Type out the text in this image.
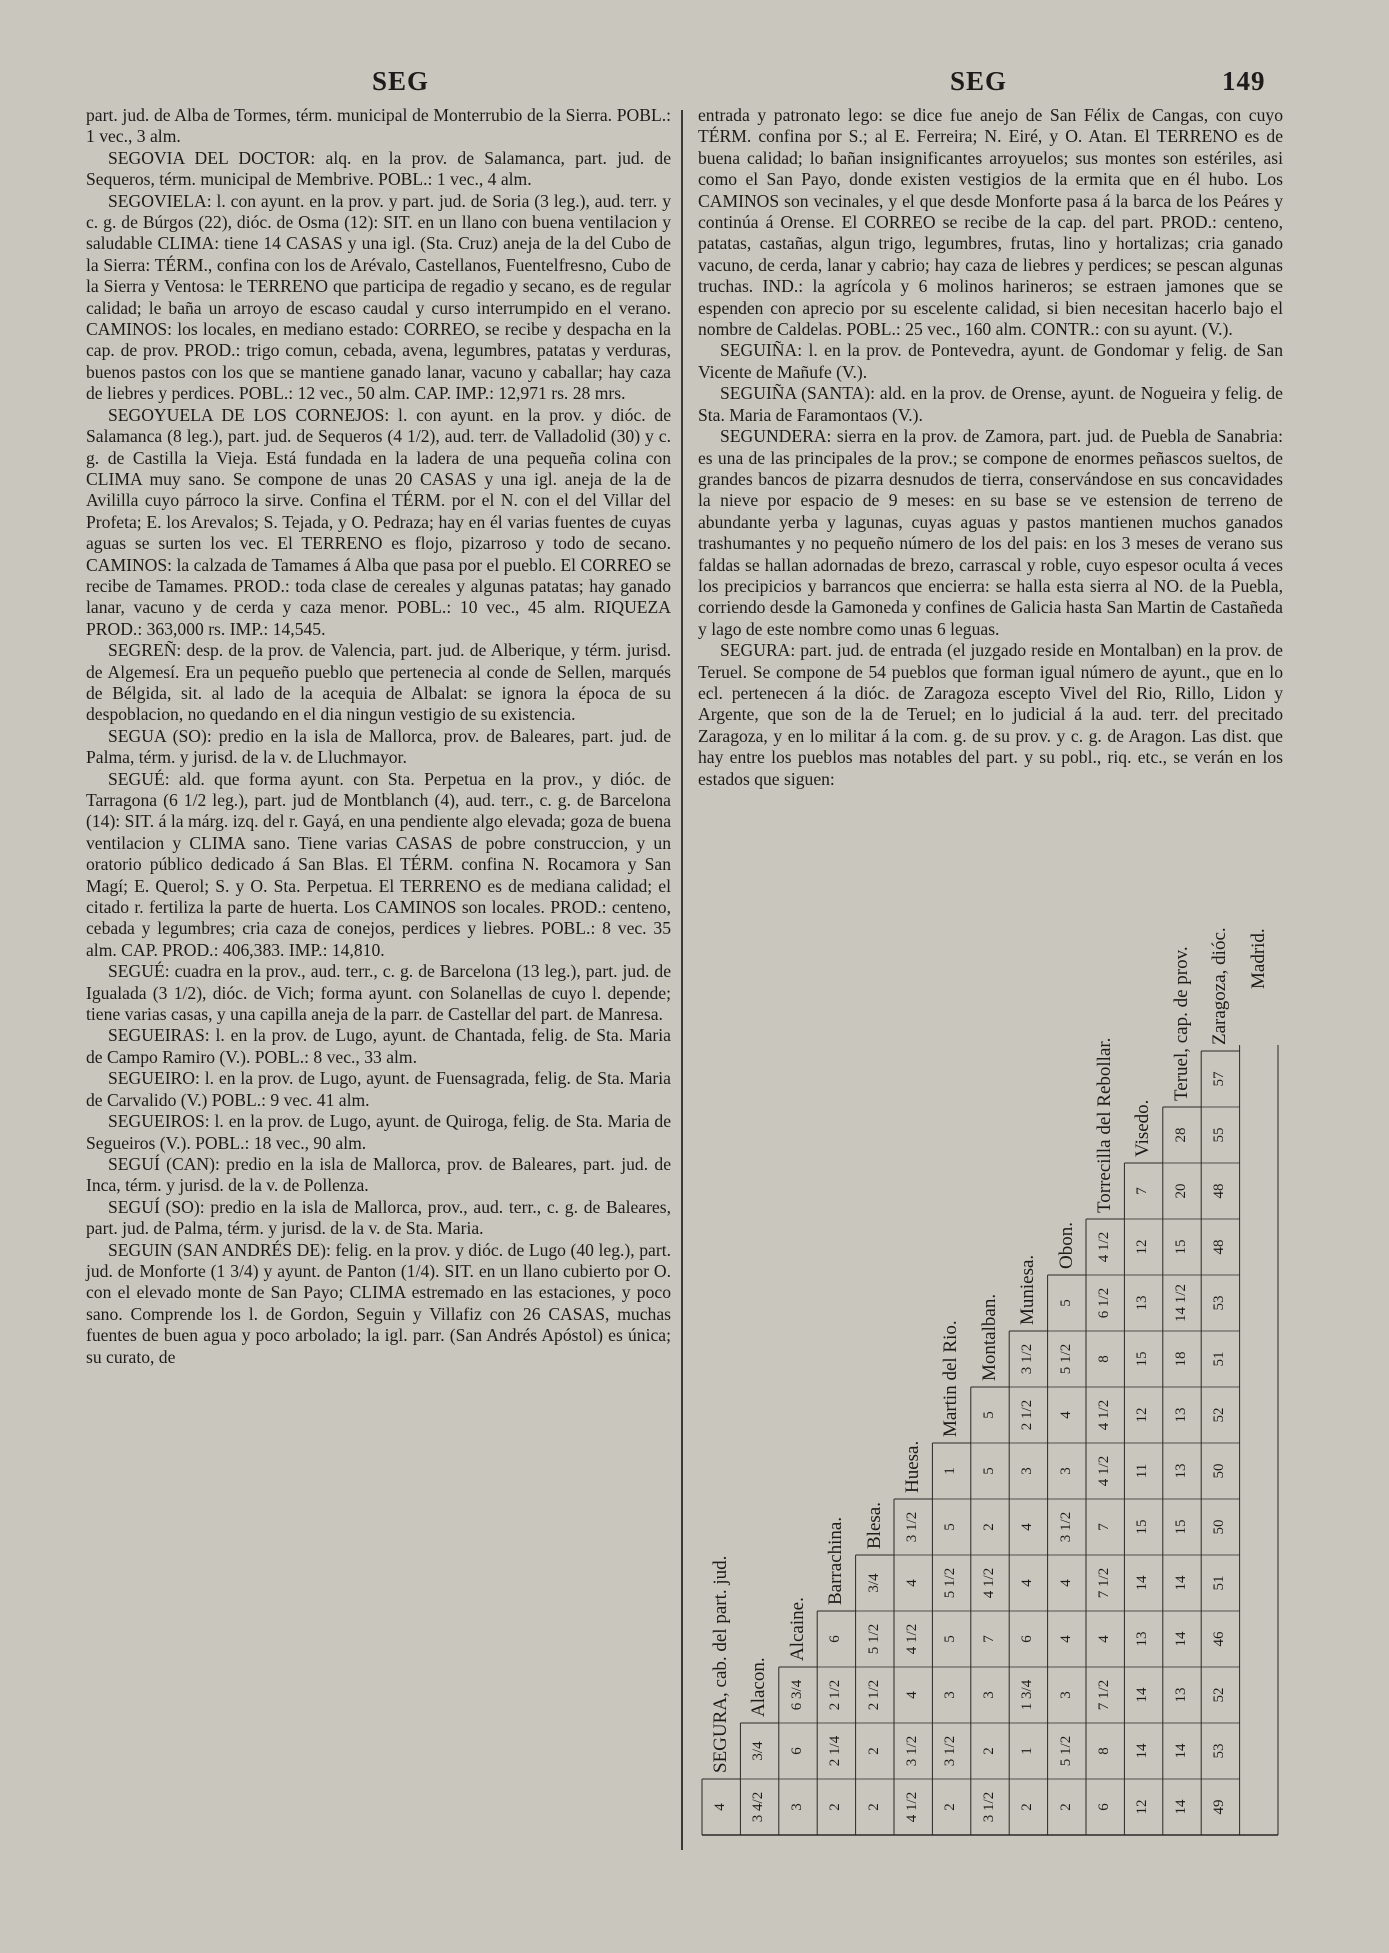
SEG	SEG	149

part. jud. de Alba de Tormes, térm. municipal de Monterrubio de la Sierra. POBL.: 1 vec., 3 alm.

SEGOVIA DEL DOCTOR: alq. en la prov. de Salamanca, part. jud. de Sequeros, térm. municipal de Membrive. POBL.: 1 vec., 4 alm.

SEGOVIELA: l. con ayunt. en la prov. y part. jud. de Soria (3 leg.), aud. terr. y c. g. de Búrgos (22), dióc. de Osma (12): SIT. en un llano con buena ventilacion y saludable CLIMA: tiene 14 CASAS y una igl. (Sta. Cruz) aneja de la del Cubo de la Sierra: TÉRM., confina con los de Arévalo, Castellanos, Fuentelfresno, Cubo de la Sierra y Ventosa: le TERRENO que participa de regadio y secano, es de regular calidad; le baña un arroyo de escaso caudal y curso interrumpido en el verano. CAMINOS: los locales, en mediano estado: CORREO, se recibe y despacha en la cap. de prov. PROD.: trigo comun, cebada, avena, legumbres, patatas y verduras, buenos pastos con los que se mantiene ganado lanar, vacuno y caballar; hay caza de liebres y perdices. POBL.: 12 vec., 50 alm. CAP. IMP.: 12,971 rs. 28 mrs.

SEGOYUELA DE LOS CORNEJOS: l. con ayunt. en la prov. y dióc. de Salamanca (8 leg.), part. jud. de Sequeros (4 1/2), aud. terr. de Valladolid (30) y c. g. de Castilla la Vieja. Está fundada en la ladera de una pequeña colina con CLIMA muy sano. Se compone de unas 20 CASAS y una igl. aneja de la de Avililla cuyo párroco la sirve. Confina el TÉRM. por el N. con el del Villar del Profeta; E. los Arevalos; S. Tejada, y O. Pedraza; hay en él varias fuentes de cuyas aguas se surten los vec. El TERRENO es flojo, pizarroso y todo de secano. CAMINOS: la calzada de Tamames á Alba que pasa por el pueblo. El CORREO se recibe de Tamames. PROD.: toda clase de cereales y algunas patatas; hay ganado lanar, vacuno y de cerda y caza menor. POBL.: 10 vec., 45 alm. RIQUEZA PROD.: 363,000 rs. IMP.: 14,545.

SEGREÑ: desp. de la prov. de Valencia, part. jud. de Alberique, y térm. jurisd. de Algemesí. Era un pequeño pueblo que pertenecia al conde de Sellen, marqués de Bélgida, sit. al lado de la acequia de Albalat: se ignora la época de su despoblacion, no quedando en el dia ningun vestigio de su existencia.

SEGUA (SO): predio en la isla de Mallorca, prov. de Baleares, part. jud. de Palma, térm. y jurisd. de la v. de Lluchmayor.

SEGUÉ: ald. que forma ayunt. con Sta. Perpetua en la prov., y dióc. de Tarragona (6 1/2 leg.), part. jud de Montblanch (4), aud. terr., c. g. de Barcelona (14): SIT. á la márg. izq. del r. Gayá, en una pendiente algo elevada; goza de buena ventilacion y CLIMA sano. Tiene varias CASAS de pobre construccion, y un oratorio público dedicado á San Blas. El TÉRM. confina N. Rocamora y San Magí; E. Querol; S. y O. Sta. Perpetua. El TERRENO es de mediana calidad; el citado r. fertiliza la parte de huerta. Los CAMINOS son locales. PROD.: centeno, cebada y legumbres; cria caza de conejos, perdices y liebres. POBL.: 8 vec. 35 alm. CAP. PROD.: 406,383. IMP.: 14,810.

SEGUÉ: cuadra en la prov., aud. terr., c. g. de Barcelona (13 leg.), part. jud. de Igualada (3 1/2), dióc. de Vich; forma ayunt. con Solanellas de cuyo l. depende; tiene varias casas, y una capilla aneja de la parr. de Castellar del part. de Manresa.

SEGUEIRAS: l. en la prov. de Lugo, ayunt. de Chantada, felig. de Sta. Maria de Campo Ramiro (V.). POBL.: 8 vec., 33 alm.

SEGUEIRO: l. en la prov. de Lugo, ayunt. de Fuensagrada, felig. de Sta. Maria de Carvalido (V.) POBL.: 9 vec. 41 alm.

SEGUEIROS: l. en la prov. de Lugo, ayunt. de Quiroga, felig. de Sta. Maria de Segueiros (V.). POBL.: 18 vec., 90 alm.

SEGUÍ (CAN): predio en la isla de Mallorca, prov. de Baleares, part. jud. de Inca, térm. y jurisd. de la v. de Pollenza.

SEGUÍ (SO): predio en la isla de Mallorca, prov., aud. terr., c. g. de Baleares, part. jud. de Palma, térm. y jurisd. de la v. de Sta. Maria.

SEGUIN (SAN ANDRÉS DE): felig. en la prov. y dióc. de Lugo (40 leg.), part. jud. de Monforte (1 3/4) y ayunt. de Panton (1/4). SIT. en un llano cubierto por O. con el elevado monte de San Payo; CLIMA estremado en las estaciones, y poco sano. Comprende los l. de Gordon, Seguin y Villafiz con 26 CASAS, muchas fuentes de buen agua y poco arbolado; la igl. parr. (San Andrés Apóstol) es única; su curato, de

entrada y patronato lego: se dice fue anejo de San Félix de Cangas, con cuyo TÉRM. confina por S.; al E. Ferreira; N. Eiré, y O. Atan. El TERRENO es de buena calidad; lo bañan insignificantes arroyuelos; sus montes son estériles, asi como el San Payo, donde existen vestigios de la ermita que en él hubo. Los CAMINOS son vecinales, y el que desde Monforte pasa á la barca de los Peáres y continúa á Orense. El CORREO se recibe de la cap. del part. PROD.: centeno, patatas, castañas, algun trigo, legumbres, frutas, lino y hortalizas; cria ganado vacuno, de cerda, lanar y cabrio; hay caza de liebres y perdices; se pescan algunas truchas. IND.: la agrícola y 6 molinos harineros; se estraen jamones que se espenden con aprecio por su escelente calidad, si bien necesitan hacerlo bajo el nombre de Caldelas. POBL.: 25 vec., 160 alm. CONTR.: con su ayunt. (V.).

SEGUIÑA: l. en la prov. de Pontevedra, ayunt. de Gondomar y felig. de San Vicente de Mañufe (V.).

SEGUIÑA (SANTA): ald. en la prov. de Orense, ayunt. de Nogueira y felig. de Sta. Maria de Faramontaos (V.).

SEGUNDERA: sierra en la prov. de Zamora, part. jud. de Puebla de Sanabria: es una de las principales de la prov.; se compone de enormes peñascos sueltos, de grandes bancos de pizarra desnudos de tierra, conservándose en sus concavidades la nieve por espacio de 9 meses: en su base se ve estension de terreno de abundante yerba y lagunas, cuyas aguas y pastos mantienen muchos ganados trashumantes y no pequeño número de los del pais: en los 3 meses de verano sus faldas se hallan adornadas de brezo, carrascal y roble, cuyo espesor oculta á veces los precipicios y barrancos que encierra: se halla esta sierra al NO. de la Puebla, corriendo desde la Gamoneda y confines de Galicia hasta San Martin de Castañeda y lago de este nombre como unas 6 leguas.

SEGURA: part. jud. de entrada (el juzgado reside en Montalban) en la prov. de Teruel. Se compone de 54 pueblos que forman igual número de ayunt., que en lo ecl. pertenecen á la dióc. de Zaragoza escepto Vivel del Rio, Rillo, Lidon y Argente, que son de la de Teruel; en lo judicial á la aud. terr. del precitado Zaragoza, y en lo militar á la com. g. de su prov. y c. g. de Aragon. Las dist. que hay entre los pueblos mas notables del part. y su pobl., riq. etc., se verán en los estados que siguen:

SEGURA, cab. del part. jud. Alacon.
Alcaine.
Barrachina. Blesa.
Huesa.
Martin del Rio. Montalban.
Muniesa.
Obon.
Torrecilla del Rebollar. Visedo.
Teruel, cap. de prov. Zaragoza, dióc. Madrid.
4 3 4/2
3/4
3
6
6 3/4
2
2 1/4
2 1/2
6
2
2
2 1/2
5 1/2
3/4
4 1/2
3 1/2
4
4 1/2
4
3 1/2
2
3 1/2
3
5
5 1/2
5
1
3 1/2
2
3
7
4 1/2
2
5
5
2
1
1 3/4
6
4
4
3
2 1/2
3 1/2
2
5 1/2
3
4
4
3 1/2
3
4
5 1/2
5
6
8
7 1/2
4
7 1/2
7
4 1/2
4 1/2
8
6 1/2
4 1/2
12
14
14
13
14
15
11
12
15
13
12
7
14
14
13
14
14
15
13
13
18
14 1/2
15
20
28
49
53
52
46
51
50
50
52
51
53
48
48
55
57
